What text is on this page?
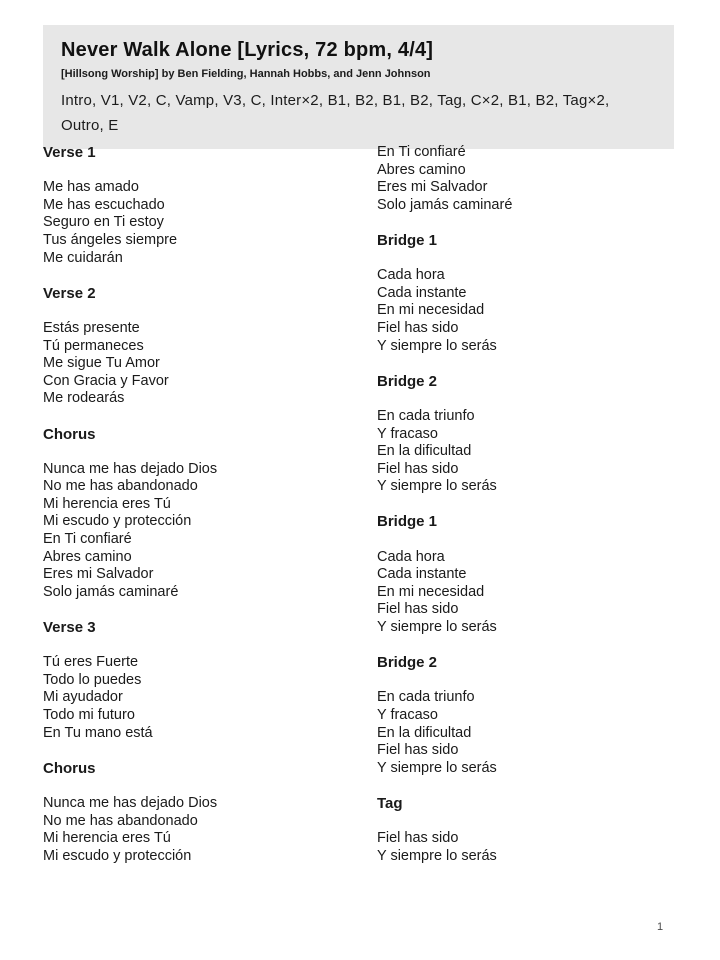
Never Walk Alone [Lyrics, 72 bpm, 4/4]
[Hillsong Worship] by Ben Fielding, Hannah Hobbs, and Jenn Johnson
Intro, V1, V2, C, Vamp, V3, C, Inter×2, B1, B2, B1, B2, Tag, C×2, B1, B2, Tag×2, Outro, E
Verse 1
Me has amado
Me has escuchado
Seguro en Ti estoy
Tus ángeles siempre
Me cuidarán
Verse 2
Estás presente
Tú permaneces
Me sigue Tu Amor
Con Gracia y Favor
Me rodearás
Chorus
Nunca me has dejado Dios
No me has abandonado
Mi herencia eres Tú
Mi escudo y protección
En Ti confiaré
Abres camino
Eres mi Salvador
Solo jamás caminaré
Verse 3
Tú eres Fuerte
Todo lo puedes
Mi ayudador
Todo mi futuro
En Tu mano está
Chorus
Nunca me has dejado Dios
No me has abandonado
Mi herencia eres Tú
Mi escudo y protección
En Ti confiaré
Abres camino
Eres mi Salvador
Solo jamás caminaré
Bridge 1
Cada hora
Cada instante
En mi necesidad
Fiel has sido
Y siempre lo serás
Bridge 2
En cada triunfo
Y fracaso
En la dificultad
Fiel has sido
Y siempre lo serás
Bridge 1
Cada hora
Cada instante
En mi necesidad
Fiel has sido
Y siempre lo serás
Bridge 2
En cada triunfo
Y fracaso
En la dificultad
Fiel has sido
Y siempre lo serás
Tag
Fiel has sido
Y siempre lo serás
1
